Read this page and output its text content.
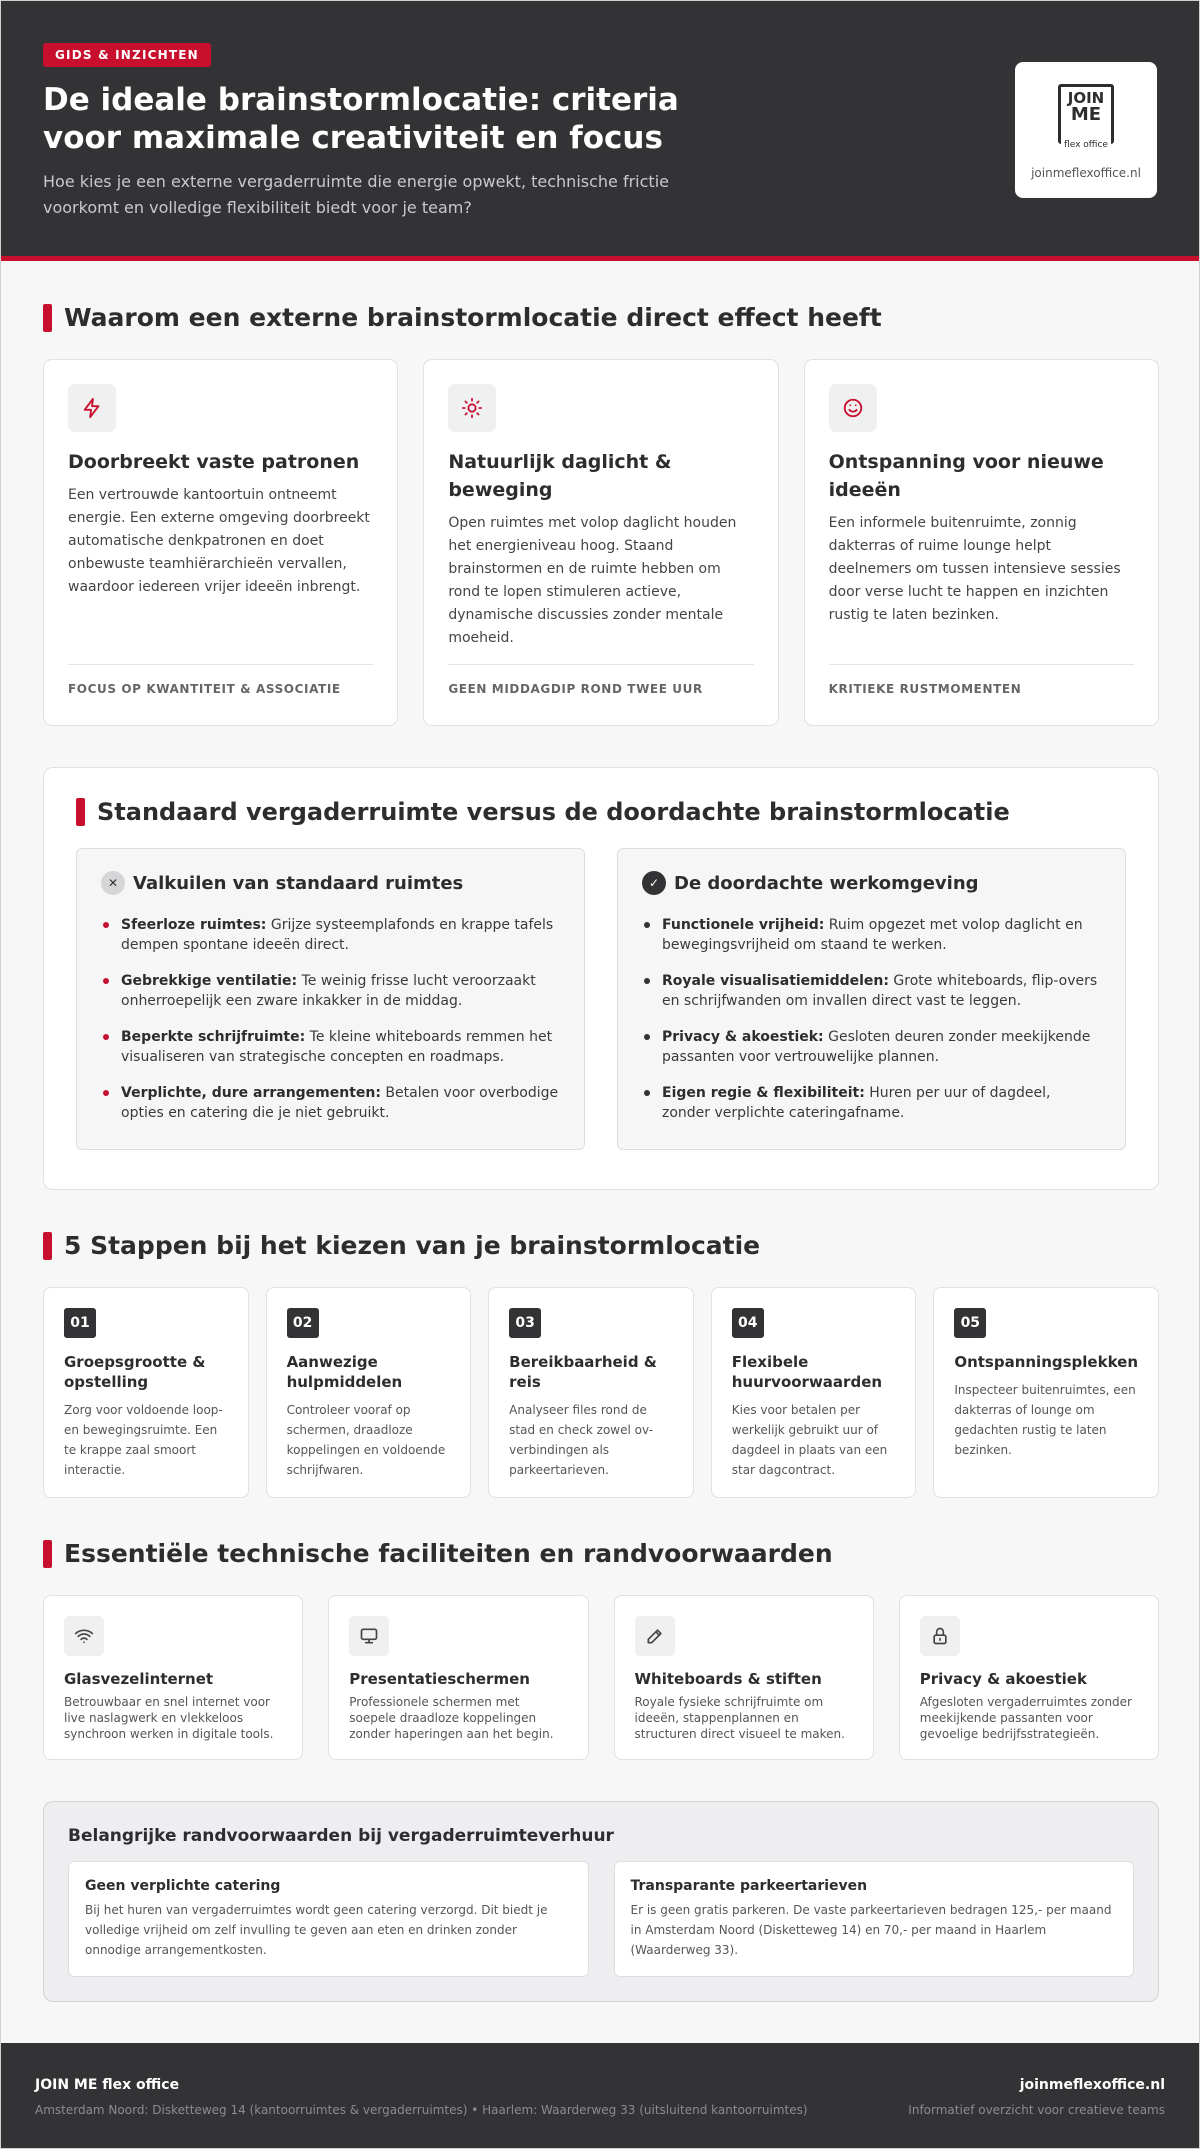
GIDS & INZICHTEN
De ideale brainstormlocatie: criteria voor maximale creativiteit en focus

Hoe kies je een externe vergaderruimte die energie opwekt, technische frictie voorkomt en volledige flexibiliteit biedt voor je team?

JOIN
ME
flex office
joinmeflexoffice.nl
Waarom een externe brainstormlocatie direct effect heeft
Doorbreekt vaste patronen

Een vertrouwde kantoortuin ontneemt energie. Een externe omgeving doorbreekt automatische denkpatronen en doet onbewuste teamhiërarchieën vervallen, waardoor iedereen vrijer ideeën inbrengt.

FOCUS OP KWANTITEIT & ASSOCIATIE
Natuurlijk daglicht & beweging

Open ruimtes met volop daglicht houden het energieniveau hoog. Staand brainstormen en de ruimte hebben om rond te lopen stimuleren actieve, dynamische discussies zonder mentale moeheid.

GEEN MIDDAGDIP ROND TWEE UUR
Ontspanning voor nieuwe ideeën

Een informele buitenruimte, zonnig dakterras of ruime lounge helpt deelnemers om tussen intensieve sessies door verse lucht te happen en inzichten rustig te laten bezinken.

KRITIEKE RUSTMOMENTEN
Standaard vergaderruimte versus de doordachte brainstormlocatie
✕ Valkuilen van standaard ruimtes
Sfeerloze ruimtes: Grijze systeemplafonds en krappe tafels dempen spontane ideeën direct.
Gebrekkige ventilatie: Te weinig frisse lucht veroorzaakt onherroepelijk een zware inkakker in de middag.
Beperkte schrijfruimte: Te kleine whiteboards remmen het visualiseren van strategische concepten en roadmaps.
Verplichte, dure arrangementen: Betalen voor overbodige opties en catering die je niet gebruikt.
✓ De doordachte werkomgeving
Functionele vrijheid: Ruim opgezet met volop daglicht en bewegingsvrijheid om staand te werken.
Royale visualisatiemiddelen: Grote whiteboards, flip-overs en schrijfwanden om invallen direct vast te leggen.
Privacy & akoestiek: Gesloten deuren zonder meekijkende passanten voor vertrouwelijke plannen.
Eigen regie & flexibiliteit: Huren per uur of dagdeel, zonder verplichte cateringafname.
5 Stappen bij het kiezen van je brainstormlocatie
01
Groepsgrootte & opstelling

Zorg voor voldoende loop- en bewegingsruimte. Een te krappe zaal smoort interactie.

02
Aanwezige hulpmiddelen

Controleer vooraf op schermen, draadloze koppelingen en voldoende schrijfwaren.

03
Bereikbaarheid & reis

Analyseer files rond de stad en check zowel ov-verbindingen als parkeertarieven.

04
Flexibele huurvoorwaarden

Kies voor betalen per werkelijk gebruikt uur of dagdeel in plaats van een star dagcontract.

05
Ontspanningsplekken

Inspecteer buitenruimtes, een dakterras of lounge om gedachten rustig te laten bezinken.

Essentiële technische faciliteiten en randvoorwaarden
Glasvezelinternet

Betrouwbaar en snel internet voor live naslagwerk en vlekkeloos synchroon werken in digitale tools.

Presentatieschermen

Professionele schermen met soepele draadloze koppelingen zonder haperingen aan het begin.

Whiteboards & stiften

Royale fysieke schrijfruimte om ideeën, stappenplannen en structuren direct visueel te maken.

Privacy & akoestiek

Afgesloten vergaderruimtes zonder meekijkende passanten voor gevoelige bedrijfsstrategieën.

Belangrijke randvoorwaarden bij vergaderruimteverhuur
Geen verplichte catering

Bij het huren van vergaderruimtes wordt geen catering verzorgd. Dit biedt je volledige vrijheid om zelf invulling te geven aan eten en drinken zonder onnodige arrangementkosten.

Transparante parkeertarieven

Er is geen gratis parkeren. De vaste parkeertarieven bedragen 125,- per maand in Amsterdam Noord (Disketteweg 14) en 70,- per maand in Haarlem (Waarderweg 33).

JOIN ME flex office
Amsterdam Noord: Disketteweg 14 (kantoorruimtes & vergaderruimtes) • Haarlem: Waarderweg 33 (uitsluitend kantoorruimtes)
joinmeflexoffice.nl
Informatief overzicht voor creatieve teams
